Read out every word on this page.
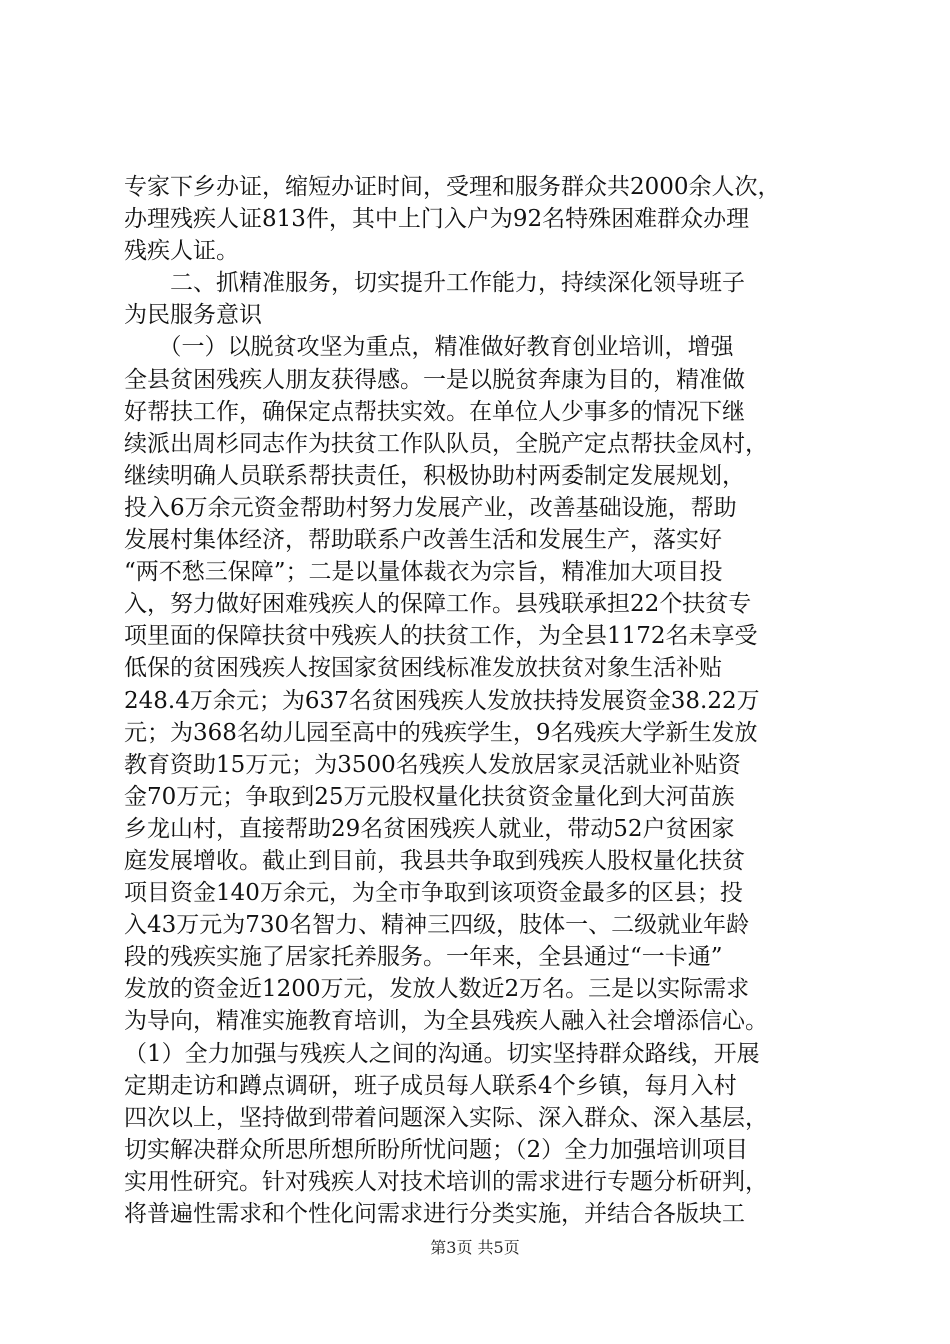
专家下乡办证，缩短办证时间，受理和服务群众共2000余人次，
办理残疾人证813件，其中上门入户为92名特殊困难群众办理
残疾人证。
　　二、抓精准服务，切实提升工作能力，持续深化领导班子
为民服务意识
　　（一）以脱贫攻坚为重点，精准做好教育创业培训，增强
全县贫困残疾人朋友获得感。一是以脱贫奔康为目的，精准做
好帮扶工作，确保定点帮扶实效。在单位人少事多的情况下继
续派出周杉同志作为扶贫工作队队员，全脱产定点帮扶金凤村，
继续明确人员联系帮扶责任，积极协助村两委制定发展规划，
投入6万余元资金帮助村努力发展产业，改善基础设施，帮助
发展村集体经济，帮助联系户改善生活和发展生产，落实好
“两不愁三保障”；二是以量体裁衣为宗旨，精准加大项目投
入，努力做好困难残疾人的保障工作。县残联承担22个扶贫专
项里面的保障扶贫中残疾人的扶贫工作，为全县1172名未享受
低保的贫困残疾人按国家贫困线标准发放扶贫对象生活补贴
248.4万余元；为637名贫困残疾人发放扶持发展资金38.22万
元；为368名幼儿园至高中的残疾学生，9名残疾大学新生发放
教育资助15万元；为3500名残疾人发放居家灵活就业补贴资
金70万元；争取到25万元股权量化扶贫资金量化到大河苗族
乡龙山村，直接帮助29名贫困残疾人就业，带动52户贫困家
庭发展增收。截止到目前，我县共争取到残疾人股权量化扶贫
项目资金140万余元，为全市争取到该项资金最多的区县；投
入43万元为730名智力、精神三四级，肢体一、二级就业年龄
段的残疾实施了居家托养服务。一年来，全县通过“一卡通”
发放的资金近1200万元，发放人数近2万名。三是以实际需求
为导向，精准实施教育培训，为全县残疾人融入社会增添信心。
（1）全力加强与残疾人之间的沟通。切实坚持群众路线，开展
定期走访和蹲点调研，班子成员每人联系4个乡镇，每月入村
四次以上，坚持做到带着问题深入实际、深入群众、深入基层，
切实解决群众所思所想所盼所忧问题；（2）全力加强培训项目
实用性研究。针对残疾人对技术培训的需求进行专题分析研判，
将普遍性需求和个性化问需求进行分类实施，并结合各版块工
第3页 共5页
